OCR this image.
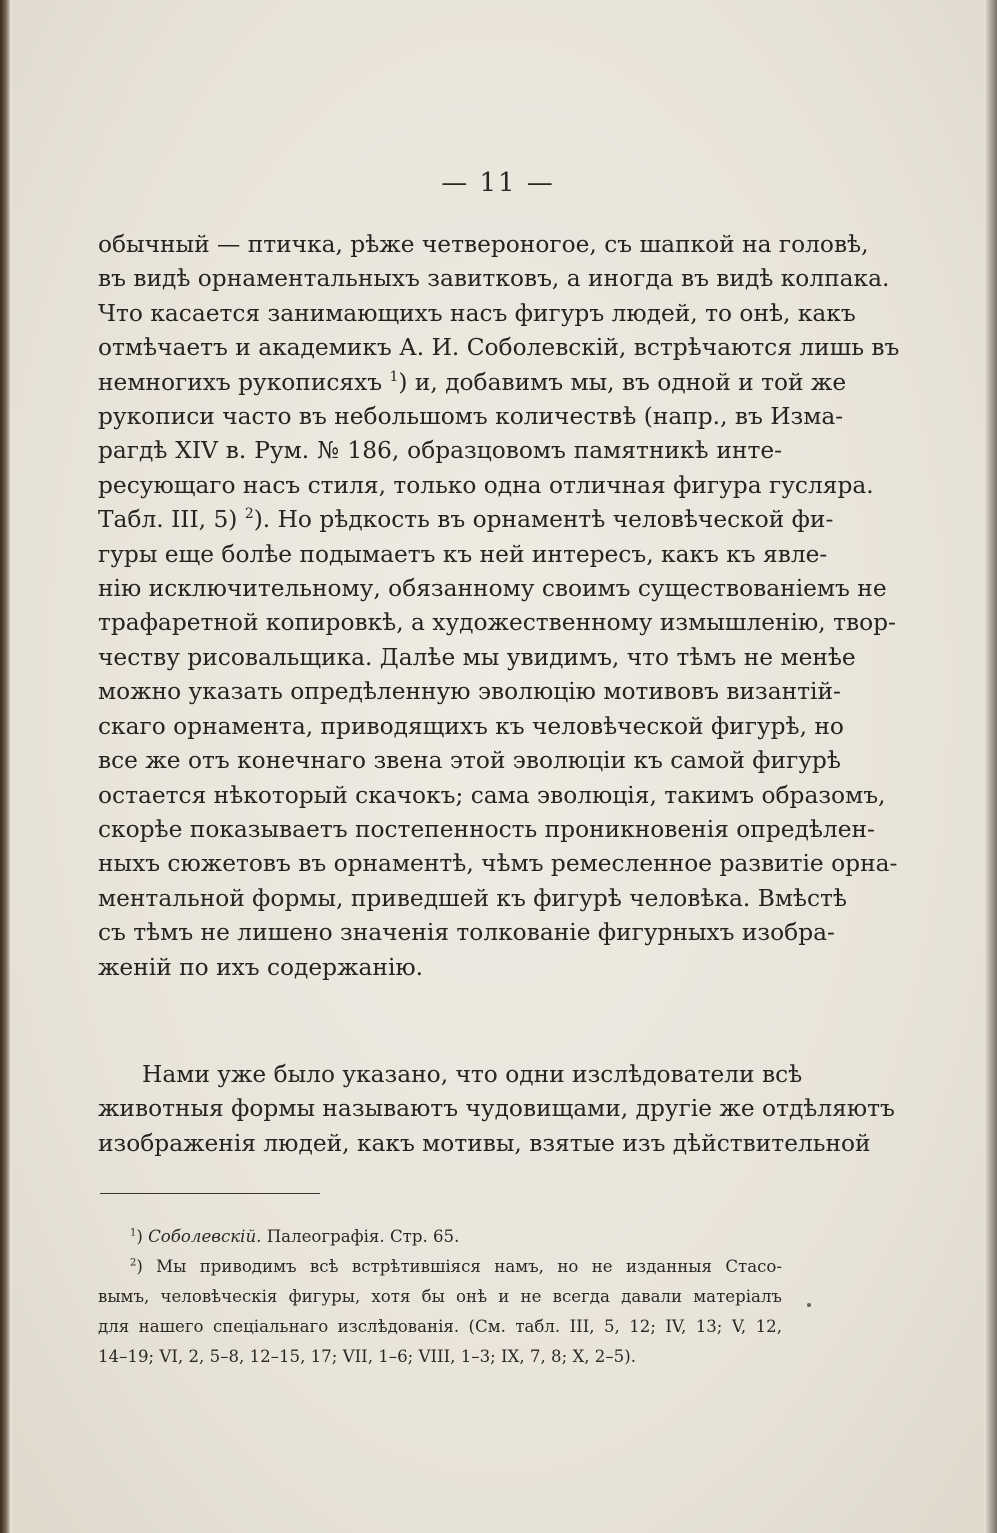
— 11 —
обычный — птичка, рѣже четвероногое, съ шапкой на головѣ,
въ видѣ орнаментальныхъ завитковъ, а иногда въ видѣ колпака.
Что касается занимающихъ насъ фигуръ людей, то онѣ, какъ
отмѣчаетъ и академикъ А. И. Соболевскій, встрѣчаются лишь въ
немногихъ рукописяхъ $^1$) и, добавимъ мы, въ одной и той же
рукописи часто въ небольшомъ количествѣ (напр., въ Изма-
рагдѣ XIV в. Рум. № 186, образцовомъ памятникѣ инте-
ресующаго насъ стиля, только одна отличная фигура гусляра.
Табл. III, 5) $^2$). Но рѣдкость въ орнаментѣ человѣческой фи-
гуры еще болѣе подымаетъ къ ней интересъ, какъ къ явле-
нію исключительному, обязанному своимъ существованіемъ не
трафаретной копировкѣ, а художественному измышленію, твор-
честву рисовальщика. Далѣе мы увидимъ, что тѣмъ не менѣе
можно указать опредѣленную эволюцію мотивовъ византій-
скаго орнамента, приводящихъ къ человѣческой фигурѣ, но
все же отъ конечнаго звена этой эволюціи къ самой фигурѣ
остается нѣкоторый скачокъ; сама эволюція, такимъ образомъ,
скорѣе показываетъ постепенность проникновенія опредѣлен-
ныхъ сюжетовъ въ орнаментѣ, чѣмъ ремесленное развитіе орна-
ментальной формы, приведшей къ фигурѣ человѣка. Вмѣстѣ
съ тѣмъ не лишено значенія толкованіе фигурныхъ изобра-
женій по ихъ содержанію.
Нами уже было указано, что одни изслѣдователи всѣ
животныя формы называютъ чудовищами, другіе же отдѣляютъ
изображенія людей, какъ мотивы, взятые изъ дѣйствительной
$^1$) Соболевскій. Палеографія. Стр. 65.
$^2$) Мы приводимъ всѣ встрѣтившіяся намъ, но не изданныя Стасо-
вымъ, человѣческія фигуры, хотя бы онѣ и не всегда давали матеріалъ
для нашего спеціальнаго изслѣдованія. (См. табл. III, 5, 12; IV, 13; V, 12,
14–19; VI, 2, 5–8, 12–15, 17; VII, 1–6; VIII, 1–3; IX, 7, 8; X, 2–5).
